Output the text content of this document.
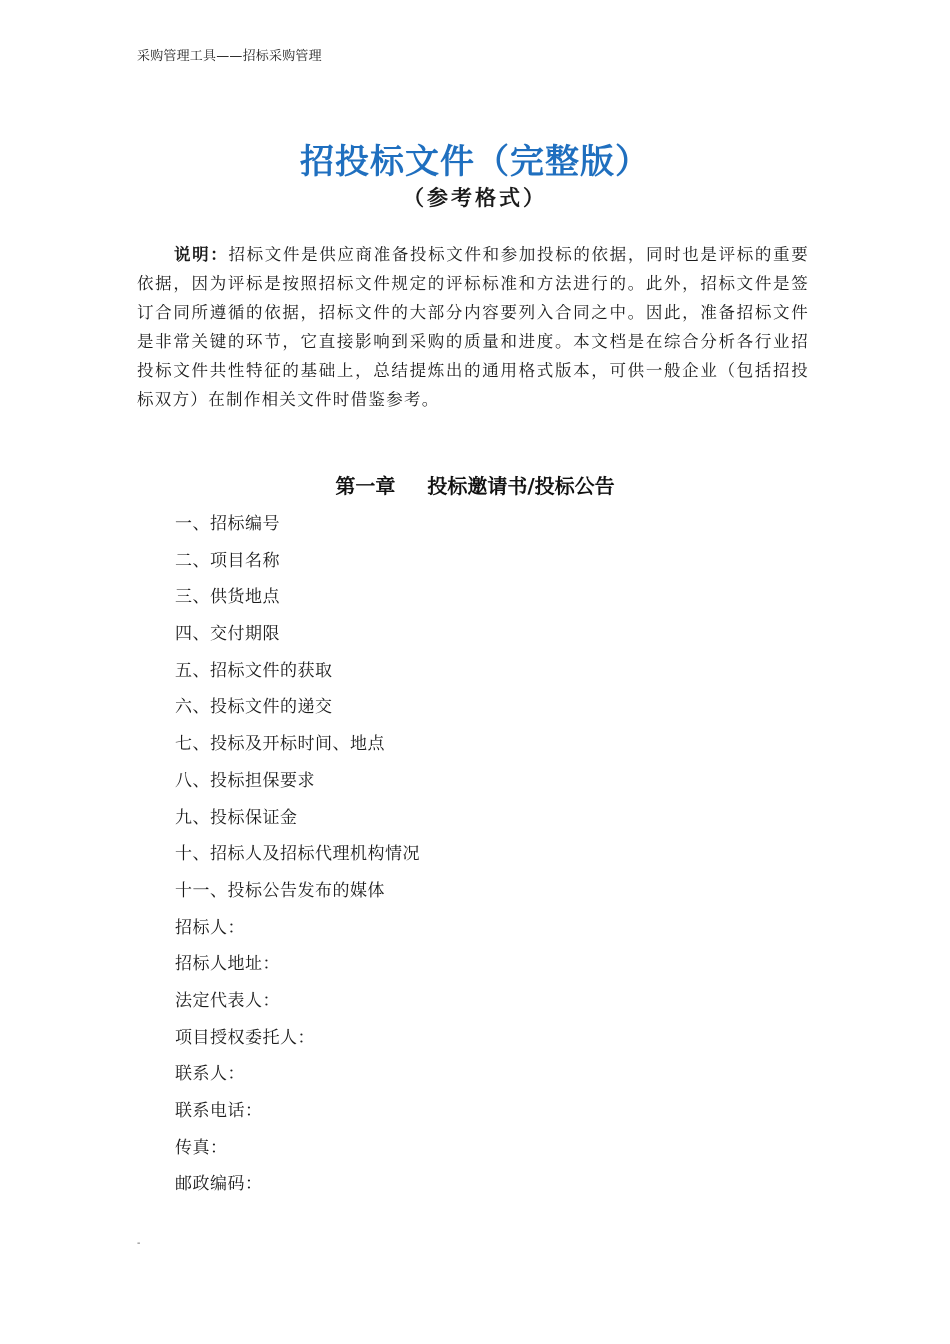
采购管理工具——招标采购管理
招投标文件（完整版）
（参考格式）
说明：招标文件是供应商准备投标文件和参加投标的依据，同时也是评标的重要依据，因为评标是按照招标文件规定的评标标准和方法进行的。此外，招标文件是签订合同所遵循的依据，招标文件的大部分内容要列入合同之中。因此，准备招标文件是非常关键的环节，它直接影响到采购的质量和进度。本文档是在综合分析各行业招投标文件共性特征的基础上，总结提炼出的通用格式版本，可供一般企业（包括招投标双方）在制作相关文件时借鉴参考。
第一章 投标邀请书/投标公告
一、招标编号
二、项目名称
三、供货地点
四、交付期限
五、招标文件的获取
六、投标文件的递交
七、投标及开标时间、地点
八、投标担保要求
九、投标保证金
十、招标人及招标代理机构情况
十一、投标公告发布的媒体
招标人：
招标人地址：
法定代表人：
项目授权委托人：
联系人：
联系电话：
传真：
邮政编码：
-
